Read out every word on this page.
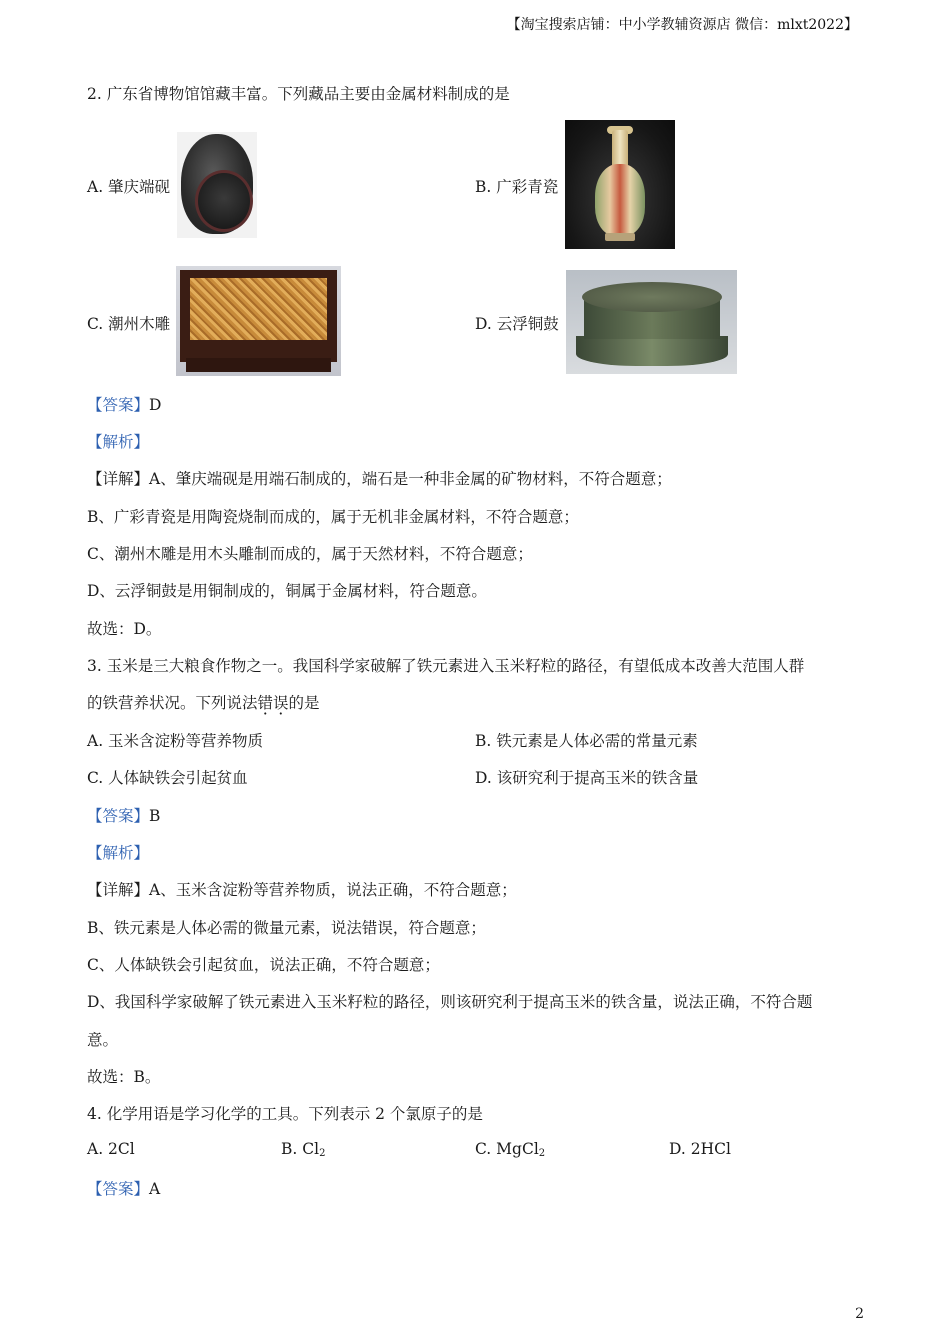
【淘宝搜索店铺：中小学教辅资源店 微信：mlxt2022】
2. 广东省博物馆馆藏丰富。下列藏品主要由金属材料制成的是
A. 肇庆端砚	B. 广彩青瓷
C. 潮州木雕	D. 云浮铜鼓
【答案】D
【解析】
【详解】A、肇庆端砚是用端石制成的，端石是一种非金属的矿物材料，不符合题意；
B、广彩青瓷是用陶瓷烧制而成的，属于无机非金属材料，不符合题意；
C、潮州木雕是用木头雕制而成的，属于天然材料，不符合题意；
D、云浮铜鼓是用铜制成的，铜属于金属材料，符合题意。
故选：D。
3. 玉米是三大粮食作物之一。我国科学家破解了铁元素进入玉米籽粒的路径，有望低成本改善大范围人群
的铁营养状况。下列说法错误的是
A. 玉米含淀粉等营养物质	B. 铁元素是人体必需的常量元素
C. 人体缺铁会引起贫血	D. 该研究利于提高玉米的铁含量
【答案】B
【解析】
【详解】A、玉米含淀粉等营养物质，说法正确，不符合题意；
B、铁元素是人体必需的微量元素，说法错误，符合题意；
C、人体缺铁会引起贫血，说法正确，不符合题意；
D、我国科学家破解了铁元素进入玉米籽粒的路径，则该研究利于提高玉米的铁含量，说法正确，不符合题
意。
故选：B。
4. 化学用语是学习化学的工具。下列表示 2 个氯原子的是
A. 2Cl	B. $Cl_2$	C. MgCl$_2$	D. 2HCl
【答案】A
2
